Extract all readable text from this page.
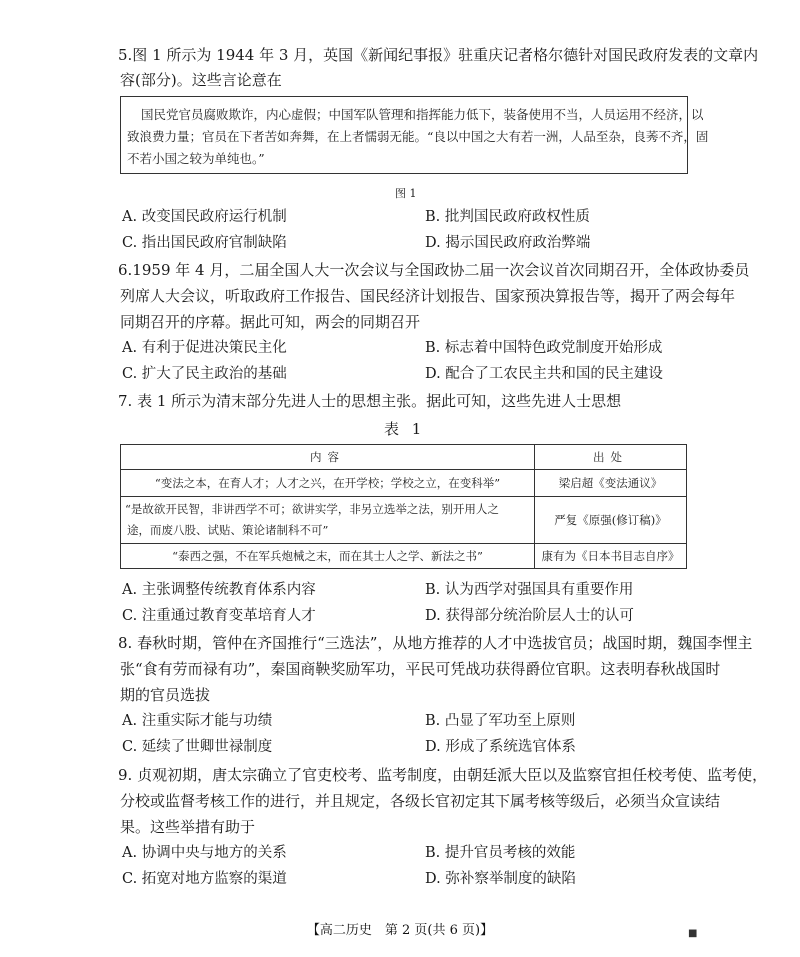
5.图 1 所示为 1944 年 3 月，英国《新闻纪事报》驻重庆记者格尔德针对国民政府发表的文章内
容(部分)。这些言论意在
国民党官员腐败欺诈，内心虚假；中国军队管理和指挥能力低下，装备使用不当，人员运用不经济，以
致浪费力量；官员在下者苦如奔舞，在上者懦弱无能。“良以中国之大有若一洲，人品至杂，良莠不齐，固
不若小国之较为单纯也。”
图 1
A. 改变国民政府运行机制	B. 批判国民政府政权性质
C. 指出国民政府官制缺陷	D. 揭示国民政府政治弊端
6.1959 年 4 月，二届全国人大一次会议与全国政协二届一次会议首次同期召开，全体政协委员
列席人大会议，听取政府工作报告、国民经济计划报告、国家预决算报告等，揭开了两会每年
同期召开的序幕。据此可知，两会的同期召开
A. 有利于促进决策民主化	B. 标志着中国特色政党制度开始形成
C. 扩大了民主政治的基础	D. 配合了工农民主共和国的民主建设
7. 表 1 所示为清末部分先进人士的思想主张。据此可知，这些先进人士思想
表 1
内容	出处

“变法之本，在育人才；人才之兴，在开学校；学校之立，在变科举”	梁启超《变法通议》

“是故欲开民智，非讲西学不可；欲讲实学，非另立选举之法，别开用人之
途，而废八股、试贴、策论诸制科不可”	严复《原强(修订稿)》

“泰西之强，不在军兵炮械之末，而在其士人之学、新法之书”	康有为《日本书目志自序》
A. 主张调整传统教育体系内容	B. 认为西学对强国具有重要作用
C. 注重通过教育变革培育人才	D. 获得部分统治阶层人士的认可
8. 春秋时期，管仲在齐国推行“三选法”，从地方推荐的人才中选拔官员；战国时期，魏国李悝主
张“食有劳而禄有功”，秦国商鞅奖励军功，平民可凭战功获得爵位官职。这表明春秋战国时
期的官员选拔
A. 注重实际才能与功绩	B. 凸显了军功至上原则
C. 延续了世卿世禄制度	D. 形成了系统选官体系
9. 贞观初期，唐太宗确立了官吏校考、监考制度，由朝廷派大臣以及监察官担任校考使、监考使，
分校或监督考核工作的进行，并且规定，各级长官初定其下属考核等级后，必须当众宣读结
果。这些举措有助于
A. 协调中央与地方的关系	B. 提升官员考核的效能
C. 拓宽对地方监察的渠道	D. 弥补察举制度的缺陷
【高二历史　第 2 页(共 6 页)】	■
